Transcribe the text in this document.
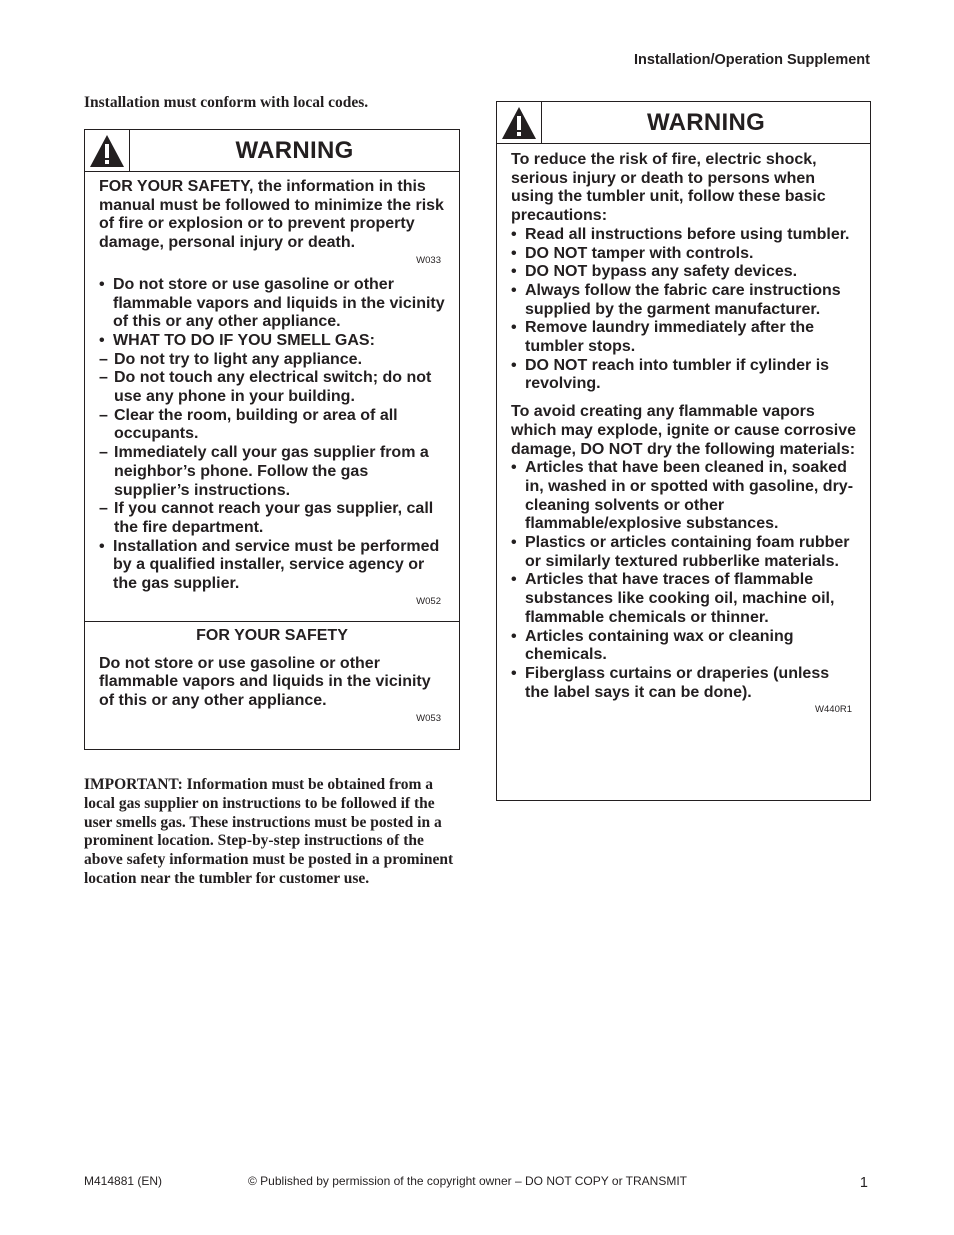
Installation/Operation Supplement
Installation must conform with local codes.
WARNING

FOR YOUR SAFETY, the information in this manual must be followed to minimize the risk of fire or explosion or to prevent property damage, personal injury or death.

W033
• Do not store or use gasoline or other flammable vapors and liquids in the vicinity of this or any other appliance.
• WHAT TO DO IF YOU SMELL GAS:
– Do not try to light any appliance.
– Do not touch any electrical switch; do not use any phone in your building.
– Clear the room, building or area of all occupants.
– Immediately call your gas supplier from a neighbor’s phone. Follow the gas supplier’s instructions.
– If you cannot reach your gas supplier, call the fire department.
• Installation and service must be performed by a qualified installer, service agency or the gas supplier.
W052
FOR YOUR SAFETY

Do not store or use gasoline or other flammable vapors and liquids in the vicinity of this or any other appliance.

W053
IMPORTANT: Information must be obtained from a local gas supplier on instructions to be followed if the user smells gas. These instructions must be posted in a prominent location. Step-by-step instructions of the above safety information must be posted in a prominent location near the tumbler for customer use.
WARNING

To reduce the risk of fire, electric shock, serious injury or death to persons when using the tumbler unit, follow these basic precautions:

• Read all instructions before using tumbler.
• DO NOT tamper with controls.
• DO NOT bypass any safety devices.
• Always follow the fabric care instructions supplied by the garment manufacturer.
• Remove laundry immediately after the tumbler stops.
• DO NOT reach into tumbler if cylinder is revolving.

To avoid creating any flammable vapors which may explode, ignite or cause corrosive damage, DO NOT dry the following materials:

• Articles that have been cleaned in, soaked in, washed in or spotted with gasoline, dry-cleaning solvents or other flammable/explosive substances.
• Plastics or articles containing foam rubber or similarly textured rubberlike materials.
• Articles that have traces of flammable substances like cooking oil, machine oil, flammable chemicals or thinner.
• Articles containing wax or cleaning chemicals.
• Fiberglass curtains or draperies (unless the label says it can be done).
W440R1
M414881 (EN)	© Published by permission of the copyright owner – DO NOT COPY or TRANSMIT	1
